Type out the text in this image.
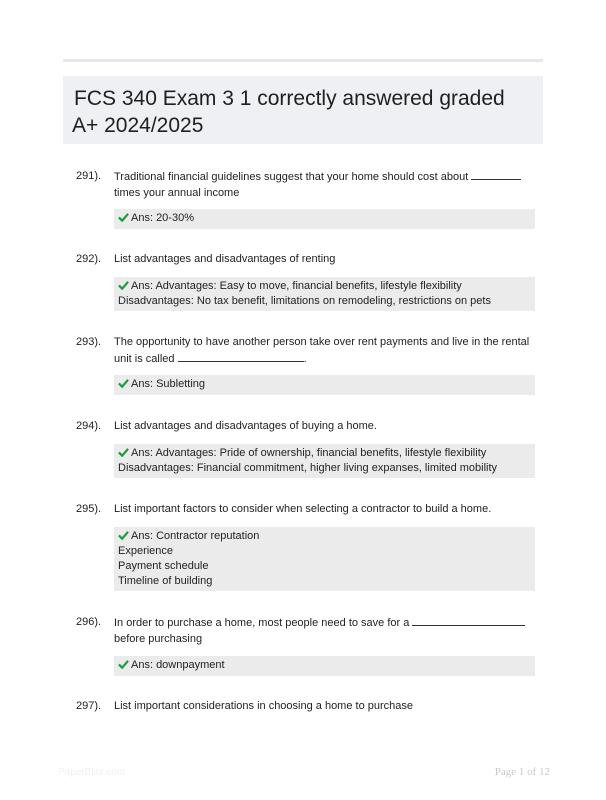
FCS 340 Exam 3 1 correctly answered graded A+ 2024/2025
291). Traditional financial guidelines suggest that your home should cost about
times your annual income
Ans: 20-30%
292). List advantages and disadvantages of renting
Ans: Advantages: Easy to move, financial benefits, lifestyle flexibility
Disadvantages: No tax benefit, limitations on remodeling, restrictions on pets
293). The opportunity to have another person take over rent payments and live in the rental unit is called	.
Ans: Subletting
294). List advantages and disadvantages of buying a home.
Ans: Advantages: Pride of ownership, financial benefits, lifestyle flexibility
Disadvantages: Financial commitment, higher living expanses, limited mobility
295). List important factors to consider when selecting a contractor to build a home.
Ans: Contractor reputation
Experience
Payment schedule
Timeline of building
296). In order to purchase a home, most people need to save for a
before purchasing
Ans: downpayment
297). List important considerations in choosing a home to purchase
PaperBlitz.com	Page 1 of 12
